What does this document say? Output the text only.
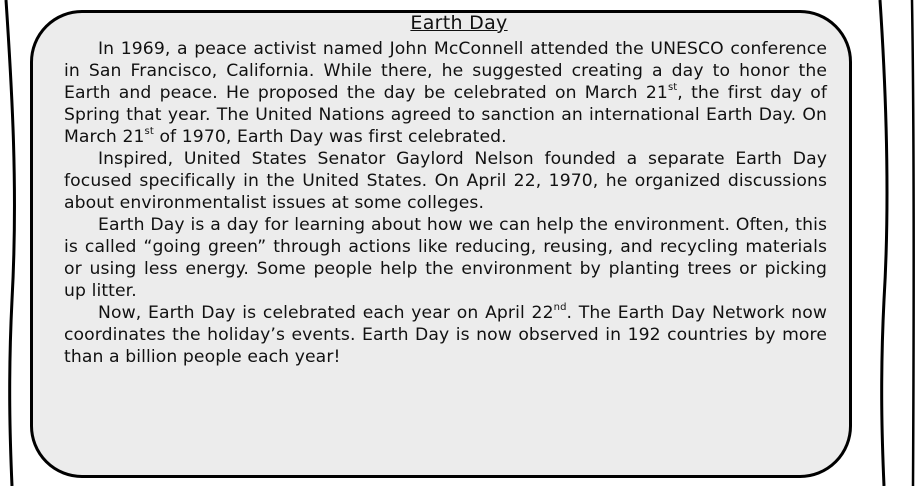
Earth Day

In 1969, a peace activist named John McConnell attended the UNESCO conference in San Francisco, California. While there, he suggested creating a day to honor the Earth and peace. He proposed the day be celebrated on March 21st, the first day of Spring that year. The United Nations agreed to sanction an international Earth Day. On March 21st of 1970, Earth Day was first celebrated.

Inspired, United States Senator Gaylord Nelson founded a separate Earth Day focused specifically in the United States. On April 22, 1970, he organized discussions about environmentalist issues at some colleges.

Earth Day is a day for learning about how we can help the environment. Often, this is called “going green” through actions like reducing, reusing, and recycling materials or using less energy. Some people help the environment by planting trees or picking up litter.

Now, Earth Day is celebrated each year on April 22nd. The Earth Day Network now coordinates the holiday’s events. Earth Day is now observed in 192 countries by more than a billion people each year!
